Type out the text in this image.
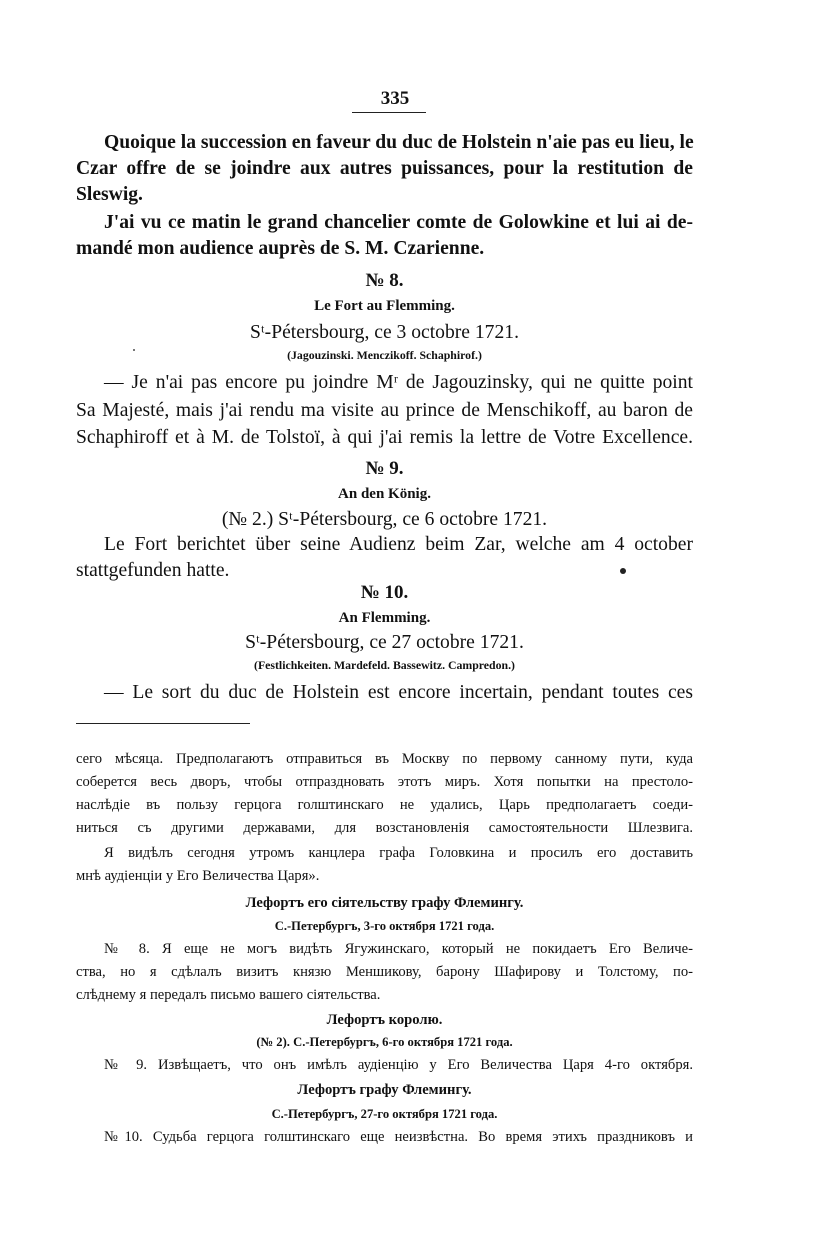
335
Quoique la succession en faveur du duc de Holstein n'aie pas eu lieu, le
Czar offre de se joindre aux autres puissances, pour la restitution de
Sleswig.
J'ai vu ce matin le grand chancelier comte de Golowkine et lui ai de-
mandé mon audience auprès de S. M. Czarienne.
№ 8.
Le Fort au Flemming.
Sᵗ-Pétersbourg, ce 3 octobre 1721.
(Jagouzinski. Menczikoff. Schaphirof.)
— Je n'ai pas encore pu joindre Mʳ de Jagouzinsky, qui ne quitte point
Sa Majesté, mais j'ai rendu ma visite au prince de Menschikoff, au baron de
Schaphiroff et à M. de Tolstoï, à qui j'ai remis la lettre de Votre Excellence.
№ 9.
An den König.
(№ 2.) Sᵗ-Pétersbourg, ce 6 octobre 1721.
Le Fort berichtet über seine Audienz beim Zar, welche am 4 october
stattgefunden hatte.
№ 10.
An Flemming.
Sᵗ-Pétersbourg, ce 27 octobre 1721.
(Festlichkeiten. Mardefeld. Bassewitz. Campredon.)
— Le sort du duc de Holstein est encore incertain, pendant toutes ces
сего мѣсяца. Предполагаютъ отправиться въ Москву по первому санному пути, куда
соберется весь дворъ, чтобы отпраздновать этотъ миръ. Хотя попытки на престоло-
наслѣдіе въ пользу герцога голштинскаго не удались, Царь предполагаетъ соеди-
ниться съ другими державами, для возстановленія самостоятельности Шлезвига.
Я видѣлъ сегодня утромъ канцлера графа Головкина и просилъ его доставить
мнѣ аудіенціи у Его Величества Царя».
Лефортъ его сіятельству графу Флемингу.
С.-Петербургъ, 3-го октября 1721 года.
№ 8. Я еще не могъ видѣть Ягужинскаго, который не покидаетъ Его Величе-
ства, но я сдѣлалъ визитъ князю Меншикову, барону Шафирову и Толстому, по-
слѣднему я передалъ письмо вашего сіятельства.
Лефортъ королю.
(№ 2). С.-Петербургъ, 6-го октября 1721 года.
№ 9. Извѣщаетъ, что онъ имѣлъ аудіенцію у Его Величества Царя 4-го октября.
Лефортъ графу Флемингу.
С.-Петербургъ, 27-го октября 1721 года.
№10. Судьба герцога голштинскаго еще неизвѣстна. Во время этихъ праздниковъ и
